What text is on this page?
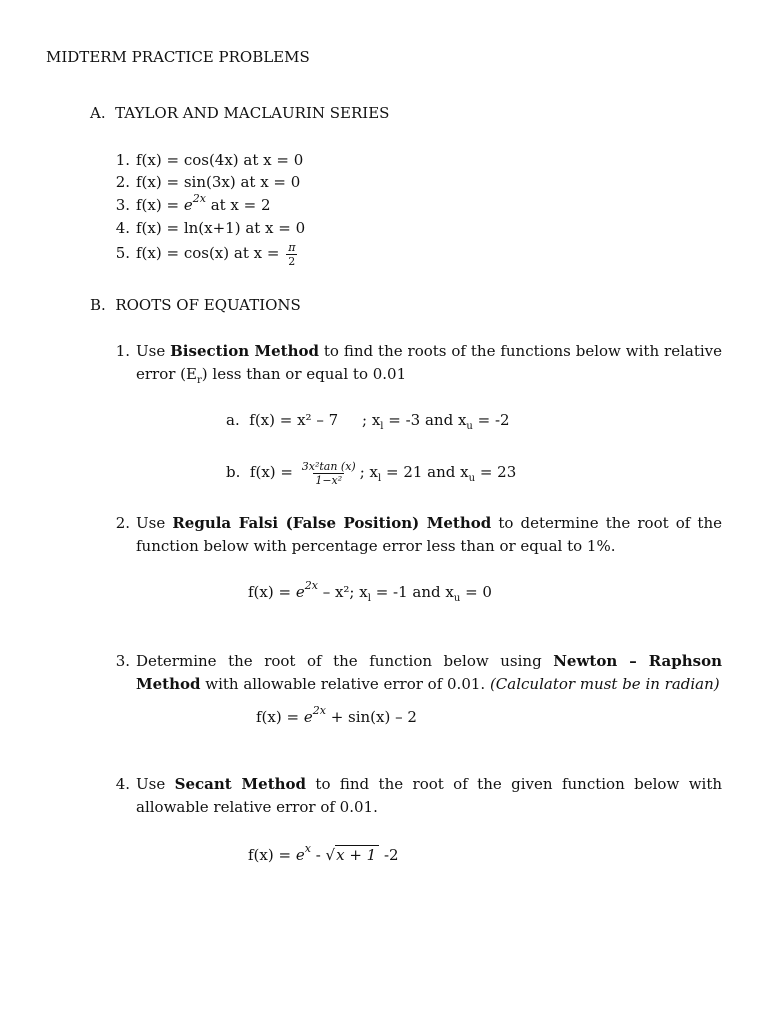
MIDTERM PRACTICE PROBLEMS
A. TAYLOR AND MACLAURIN SERIES
1. f(x) = cos(4x) at x = 0
2. f(x) = sin(3x) at x = 0
3. $f(x) = e^{2x}$ at x = 2
4. f(x) = ln(x+1) at x = 0
5. f(x) = cos(x) at $x = \frac{\pi}{2}$
B. ROOTS OF EQUATIONS
1. Use Bisection Method to find the roots of the functions below with relative error $(E_r)$ less than or equal to 0.01
a. f(x) = x² – 7 ; $x_l = -3$ and $x_u = -2$
b. $f(x) = \frac{\text{3x²tan (x)}}{\text{1−x²}}$ ; $x_l = 21$ and $x_u = 23$
2. Use Regula Falsi (False Position) Method to determine the root of the function below with percentage error less than or equal to 1%.
$f(x) = e^{2x} - x^2$; $x_l = -1$ and $x_u = 0$
3. Determine the root of the function below using Newton – Raphson Method with allowable relative error of 0.01. (Calculator must be in radian)
$f(x) = e^{2x} + \sin(x) - 2$
4. Use Secant Method to find the root of the given function below with allowable relative error of 0.01.
$f(x) = e^x - √x + 1$ -2
